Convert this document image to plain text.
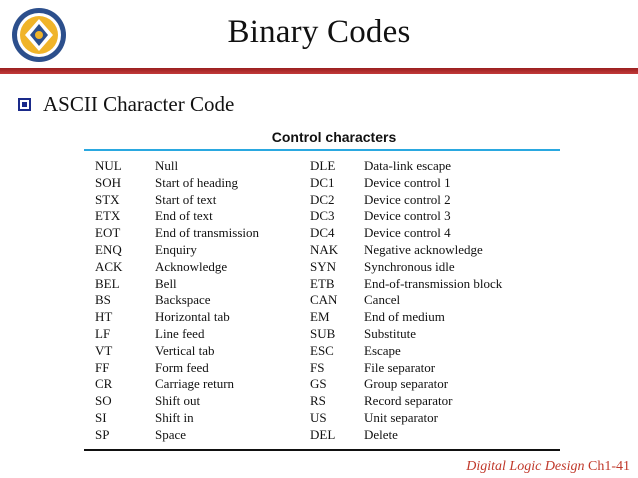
Binary Codes
ASCII Character Code
Control characters
NUL	Null	DLE	Data-link escape
SOH	Start of heading	DC1	Device control 1
STX	Start of text	DC2	Device control 2
ETX	End of text	DC3	Device control 3
EOT	End of transmission	DC4	Device control 4
ENQ	Enquiry	NAK	Negative acknowledge
ACK	Acknowledge	SYN	Synchronous idle
BEL	Bell	ETB	End-of-transmission block
BS	Backspace	CAN	Cancel
HT	Horizontal tab	EM	End of medium
LF	Line feed	SUB	Substitute
VT	Vertical tab	ESC	Escape
FF	Form feed	FS	File separator
CR	Carriage return	GS	Group separator
SO	Shift out	RS	Record separator
SI	Shift in	US	Unit separator
SP	Space	DEL	Delete
Digital Logic Design Ch1-41
